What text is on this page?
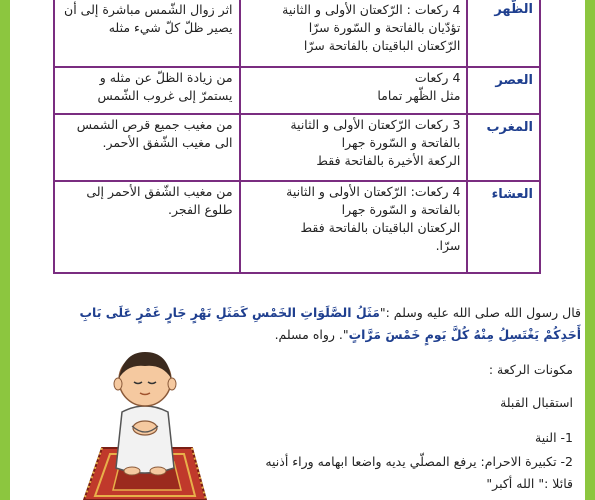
الظّهر	4 ركعات : الرّكعتان الأولى و الثانية
تؤدّيان بالفاتحة و السّورة سرّا
الرّكعتان الباقيتان بالفاتحة سرّا	اثر زوال الشّمس مباشرة إلى أن
يصير ظلّ كلّ شيء مثله

العصر	4 ركعات
مثل الظّهر تماما	من زيادة الظلّ عن مثله و
يستمرّ إلى غروب الشّمس

المغرب	3 ركعات الرّكعتان الأولى و الثانية
بالفاتحة و السّورة جهرا
الركعة الأخيرة بالفاتحة فقط	من مغيب جميع قرص الشمس
الى مغيب الشّفق الأحمر.

العشاء	4 ركعات: الرّكعتان الأولى و الثانية
بالفاتحة و السّورة جهرا
الركعتان الباقيتان بالفاتحة فقط
سرّا.	من مغيب الشّفق الأحمر إلى
طلوع الفجر.
قال رسول الله صلى الله عليه وسلم :"مَثَلُ الصَّلَوَاتِ الخَمْسِ كَمَثَلِ نَهْرٍ جَارٍ غَمْرٍ عَلَى بَابِ
أَحَدِكُمْ يَغْتَسِلُ مِنْهُ كُلَّ يَومٍ خَمْسَ مَرَّاتٍ". رواه مسلم.
مكونات الركعة :
استقبال القبلة
1- النية
2- تكبيرة الاحرام: يرفع المصلّي يديه واضعا ابهامه وراء أذنيه
قائلا :" الله أكبر"
